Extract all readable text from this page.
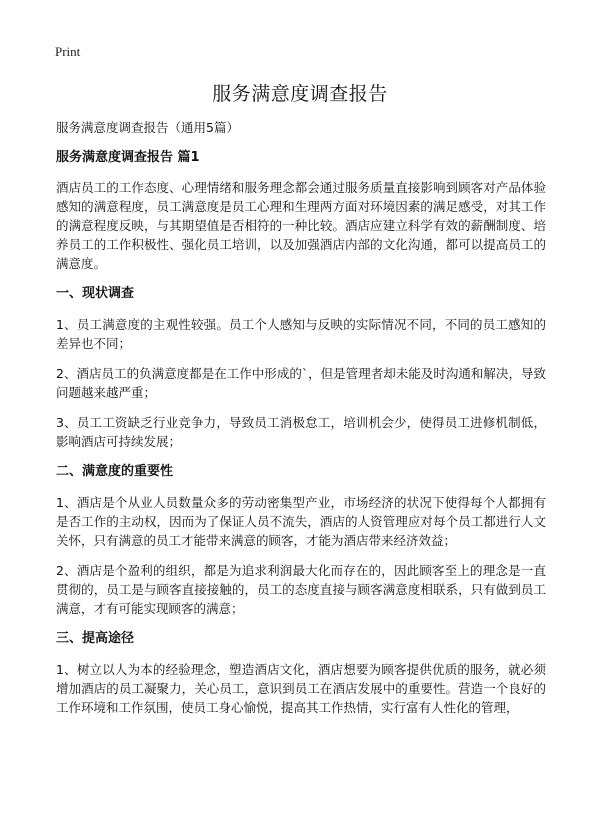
Print
服务满意度调查报告

服务满意度调查报告（通用5篇）

服务满意度调查报告 篇1

酒店员工的工作态度、心理情绪和服务理念都会通过服务质量直接影响到顾客对产品体验感知的满意程度，员工满意度是员工心理和生理两方面对环境因素的满足感受，对其工作的满意程度反映，与其期望值是否相符的一种比较。酒店应建立科学有效的薪酬制度、培养员工的工作积极性、强化员工培训，以及加强酒店内部的文化沟通，都可以提高员工的满意度。

一、现状调查

1、员工满意度的主观性较强。员工个人感知与反映的实际情况不同，不同的员工感知的差异也不同；

2、酒店员工的负满意度都是在工作中形成的`，但是管理者却未能及时沟通和解决，导致问题越来越严重；

3、员工工资缺乏行业竞争力，导致员工消极怠工，培训机会少，使得员工进修机制低，影响酒店可持续发展；

二、满意度的重要性

1、酒店是个从业人员数量众多的劳动密集型产业，市场经济的状况下使得每个人都拥有是否工作的主动权，因而为了保证人员不流失，酒店的人资管理应对每个员工都进行人文关怀，只有满意的员工才能带来满意的顾客，才能为酒店带来经济效益；

2、酒店是个盈利的组织，都是为追求利润最大化而存在的，因此顾客至上的理念是一直贯彻的，员工是与顾客直接接触的，员工的态度直接与顾客满意度相联系，只有做到员工满意，才有可能实现顾客的满意；

三、提高途径

1、树立以人为本的经验理念，塑造酒店文化，酒店想要为顾客提供优质的服务，就必须增加酒店的员工凝聚力，关心员工，意识到员工在酒店发展中的重要性。营造一个良好的工作环境和工作氛围，使员工身心愉悦，提高其工作热情，实行富有人性化的管理，
